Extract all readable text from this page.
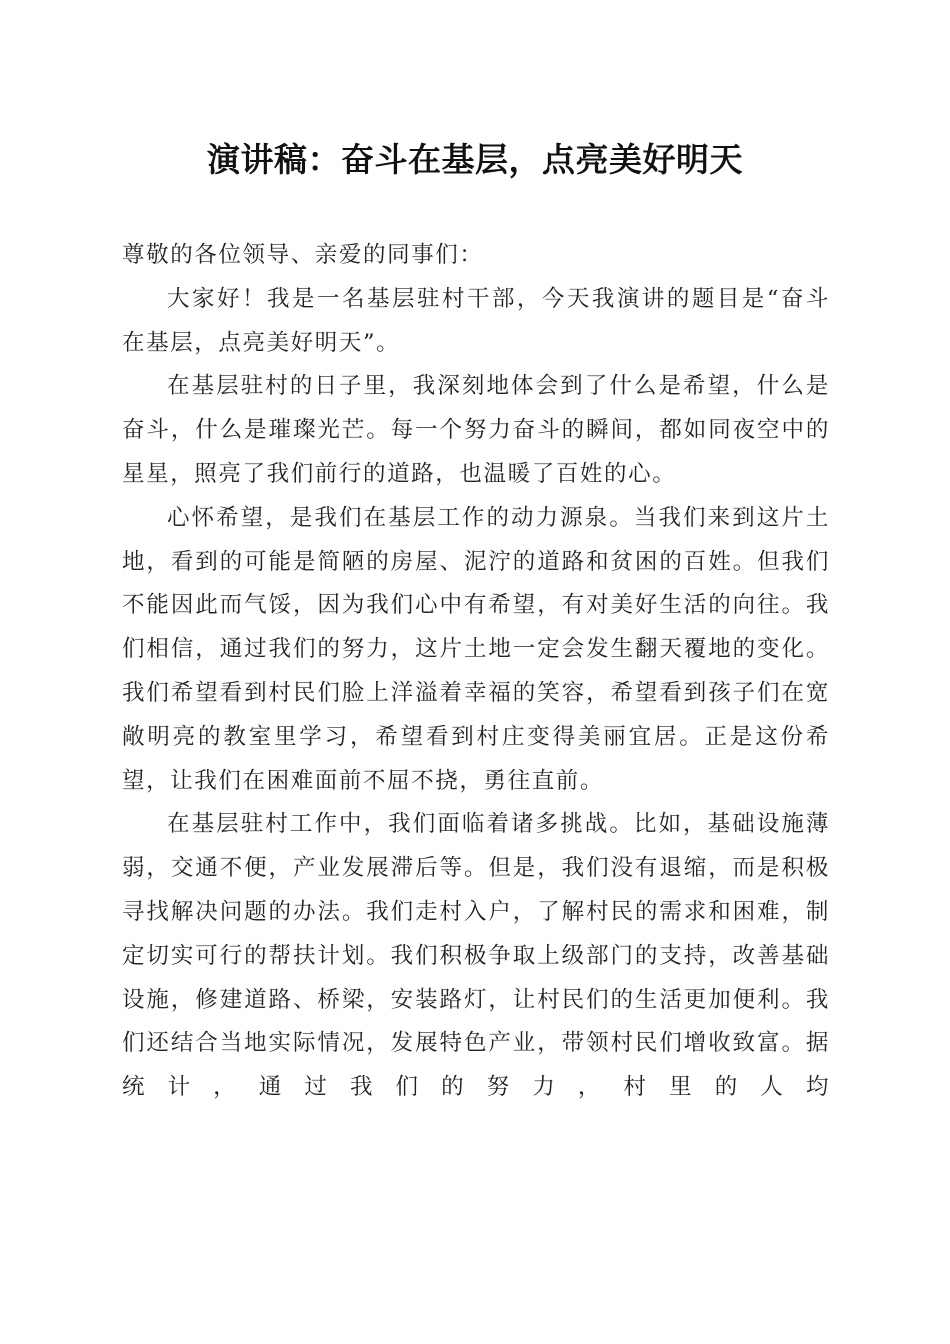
演讲稿：奋斗在基层，点亮美好明天

尊敬的各位领导、亲爱的同事们：

大家好！我是一名基层驻村干部，今天我演讲的题目是“奋斗在基层，点亮美好明天”。

在基层驻村的日子里，我深刻地体会到了什么是希望，什么是奋斗，什么是璀璨光芒。每一个努力奋斗的瞬间，都如同夜空中的星星，照亮了我们前行的道路，也温暖了百姓的心。

心怀希望，是我们在基层工作的动力源泉。当我们来到这片土地，看到的可能是简陋的房屋、泥泞的道路和贫困的百姓。但我们不能因此而气馁，因为我们心中有希望，有对美好生活的向往。我们相信，通过我们的努力，这片土地一定会发生翻天覆地的变化。我们希望看到村民们脸上洋溢着幸福的笑容，希望看到孩子们在宽敞明亮的教室里学习，希望看到村庄变得美丽宜居。正是这份希望，让我们在困难面前不屈不挠，勇往直前。

在基层驻村工作中，我们面临着诸多挑战。比如，基础设施薄弱，交通不便，产业发展滞后等。但是，我们没有退缩，而是积极寻找解决问题的办法。我们走村入户，了解村民的需求和困难，制定切实可行的帮扶计划。我们积极争取上级部门的支持，改善基础设施，修建道路、桥梁，安装路灯，让村民们的生活更加便利。我们还结合当地实际情况，发展特色产业，带领村民们增收致富。据统计，通过我们的努力，村里的人均
